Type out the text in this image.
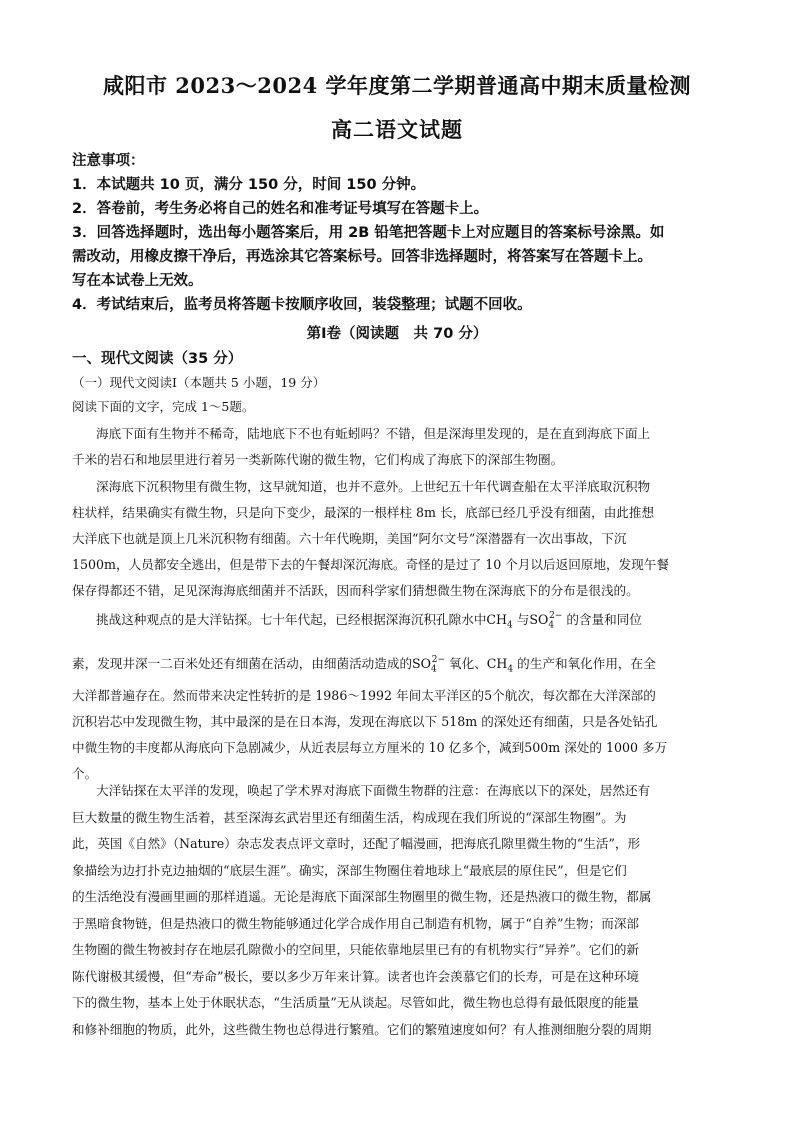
咸阳市 2023～2024 学年度第二学期普通高中期末质量检测
高二语文试题
注意事项：
1．本试题共 10 页，满分 150 分，时间 150 分钟。
2．答卷前，考生务必将自己的姓名和准考证号填写在答题卡上。
3．回答选择题时，选出每小题答案后，用 2B 铅笔把答题卡上对应题目的答案标号涂黑。如
需改动，用橡皮擦干净后，再选涂其它答案标号。回答非选择题时，将答案写在答题卡上。
写在本试卷上无效。
4．考试结束后，监考员将答题卡按顺序收回，装袋整理；试题不回收。
第Ⅰ卷（阅读题　共 70 分）
一、现代文阅读（35 分）
（一）现代文阅读Ⅰ（本题共 5 小题，19 分）
阅读下面的文字，完成 1～5题。
海底下面有生物并不稀奇，陆地底下不也有蚯蚓吗？不错，但是深海里发现的，是在直到海底下面上
千米的岩石和地层里进行着另一类新陈代谢的微生物，它们构成了海底下的深部生物圈。
深海底下沉积物里有微生物，这早就知道，也并不意外。上世纪五十年代调查船在太平洋底取沉积物
柱状样，结果确实有微生物，只是向下变少，最深的一根样柱 8m 长，底部已经几乎没有细菌，由此推想
大洋底下也就是顶上几米沉积物有细菌。六十年代晚期，美国“阿尔文号”深潜器有一次出事故，下沉
1500m，人员都安全逃出，但是带下去的午餐却深沉海底。奇怪的是过了 10 个月以后返回原地，发现午餐
保存得都还不错，足见深海海底细菌并不活跃，因而科学家们猜想微生物在深海底下的分布是很浅的。
挑战这种观点的是大洋钻探。七十年代起，已经根据深海沉积孔隙水中$CH_4$ 与$SO_4^{2-}$ 的含量和同位
素，发现井深一二百米处还有细菌在活动，由细菌活动造成的$SO_4^{2-}$ 氧化、$CH_4$ 的生产和氧化作用，在全
大洋都普遍存在。然而带来决定性转折的是 1986～1992 年间太平洋区的5个航次，每次都在大洋深部的
沉积岩芯中发现微生物，其中最深的是在日本海，发现在海底以下 518m 的深处还有细菌，只是各处钻孔
中微生物的丰度都从海底向下急剧减少，从近表层每立方厘米的 10 亿多个，减到500m 深处的 1000 多万
个。
大洋钻探在太平洋的发现，唤起了学术界对海底下面微生物群的注意：在海底以下的深处，居然还有
巨大数量的微生物生活着，甚至深海玄武岩里还有细菌生活，构成现在我们所说的“深部生物圈”。为
此，英国《自然》（Nature）杂志发表点评文章时，还配了幅漫画，把海底孔隙里微生物的“生活”，形
象描绘为边打扑克边抽烟的“底层生涯”。确实，深部生物圈住着地球上“最底层的原住民”，但是它们
的生活绝没有漫画里画的那样逍遥。无论是海底下面深部生物圈里的微生物，还是热液口的微生物，都属
于黑暗食物链，但是热液口的微生物能够通过化学合成作用自己制造有机物，属于“自养”生物；而深部
生物圈的微生物被封存在地层孔隙微小的空间里，只能依靠地层里已有的有机物实行“异养”。它们的新
陈代谢极其缓慢，但“寿命”极长，要以多少万年来计算。读者也许会羡慕它们的长寿，可是在这种环境
下的微生物，基本上处于休眠状态，“生活质量”无从谈起。尽管如此，微生物也总得有最低限度的能量
和修补细胞的物质，此外，这些微生物也总得进行繁殖。它们的繁殖速度如何？有人推测细胞分裂的周期
